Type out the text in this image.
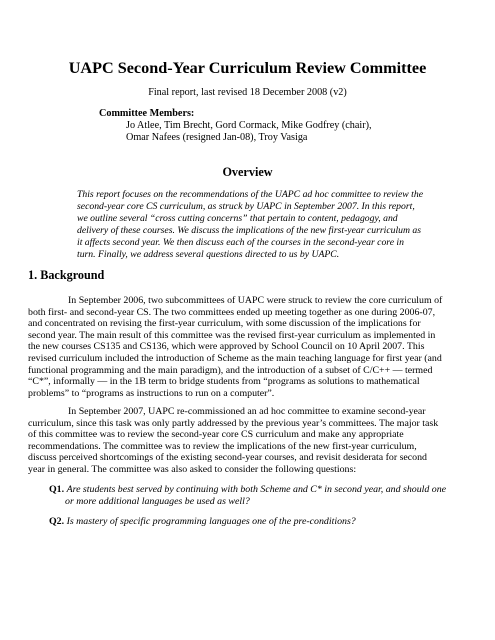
UAPC Second-Year Curriculum Review Committee
Final report, last revised 18 December 2008 (v2)
Committee Members:
Jo Atlee, Tim Brecht, Gord Cormack, Mike Godfrey (chair),
Omar Nafees (resigned Jan-08), Troy Vasiga
Overview
This report focuses on the recommendations of the UAPC ad hoc committee to review the
second-year core CS curriculum, as struck by UAPC in September 2007. In this report,
we outline several “cross cutting concerns” that pertain to content, pedagogy, and
delivery of these courses. We discuss the implications of the new first-year curriculum as
it affects second year. We then discuss each of the courses in the second-year core in
turn. Finally, we address several questions directed to us by UAPC.
1. Background
In September 2006, two subcommittees of UAPC were struck to review the core curriculum of
both first- and second-year CS. The two committees ended up meeting together as one during 2006-07,
and concentrated on revising the first-year curriculum, with some discussion of the implications for
second year. The main result of this committee was the revised first-year curriculum as implemented in
the new courses CS135 and CS136, which were approved by School Council on 10 April 2007. This
revised curriculum included the introduction of Scheme as the main teaching language for first year (and
functional programming and the main paradigm), and the introduction of a subset of C/C++ — termed
“C*”, informally — in the 1B term to bridge students from “programs as solutions to mathematical
problems” to “programs as instructions to run on a computer”.
In September 2007, UAPC re-commissioned an ad hoc committee to examine second-year
curriculum, since this task was only partly addressed by the previous year’s committees. The major task
of this committee was to review the second-year core CS curriculum and make any appropriate
recommendations. The committee was to review the implications of the new first-year curriculum,
discuss perceived shortcomings of the existing second-year courses, and revisit desiderata for second
year in general. The committee was also asked to consider the following questions:
Q1. Are students best served by continuing with both Scheme and C* in second year, and should one
or more additional languages be used as well?
Q2. Is mastery of specific programming languages one of the pre-conditions?
